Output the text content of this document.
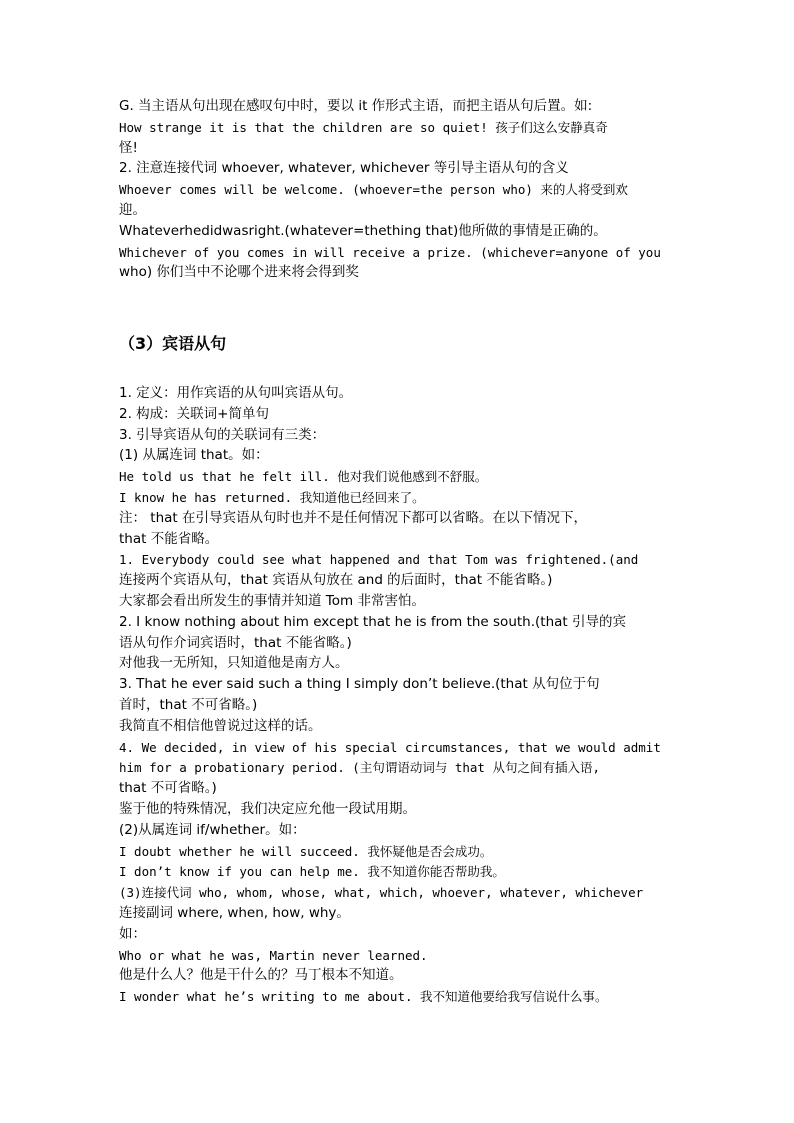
G. 当主语从句出现在感叹句中时，要以 it 作形式主语，而把主语从句后置。如:
How strange it is that the children are so quiet! 孩子们这么安静真奇
怪!
2. 注意连接代词 whoever, whatever, whichever 等引导主语从句的含义
Whoever comes will be welcome. (whoever=the person who) 来的人将受到欢
迎。
Whateverhedidwasright.(whatever=thething that)他所做的事情是正确的。
Whichever of you comes in will receive a prize. (whichever=anyone of you
who) 你们当中不论哪个进来将会得到奖
（3）宾语从句
1. 定义：用作宾语的从句叫宾语从句。
2. 构成：关联词+简单句
3. 引导宾语从句的关联词有三类：
(1) 从属连词 that。如：
He told us that he felt ill. 他对我们说他感到不舒服。
I know he has returned. 我知道他已经回来了。
注： that 在引导宾语从句时也并不是任何情况下都可以省略。在以下情况下，
that 不能省略。
1. Everybody could see what happened and that Tom was frightened.(and
连接两个宾语从句，that 宾语从句放在 and 的后面时，that 不能省略。)
大家都会看出所发生的事情并知道 Tom 非常害怕。
2. I know nothing about him except that he is from the south.(that 引导的宾
语从句作介词宾语时，that 不能省略。)
对他我一无所知，只知道他是南方人。
3. That he ever said such a thing I simply don’t believe.(that 从句位于句
首时，that 不可省略。)
我简直不相信他曾说过这样的话。
4. We decided, in view of his special circumstances, that we would admit
him for a probationary period. (主句谓语动词与 that 从句之间有插入语,
that 不可省略。)
鉴于他的特殊情况，我们决定应允他一段试用期。
(2)从属连词 if/whether。如：
I doubt whether he will succeed. 我怀疑他是否会成功。
I don’t know if you can help me. 我不知道你能否帮助我。
(3)连接代词 who, whom, whose, what, which, whoever, whatever, whichever
连接副词 where, when, how, why。
如：
Who or what he was, Martin never learned.
他是什么人？他是干什么的？马丁根本不知道。
I wonder what he’s writing to me about. 我不知道他要给我写信说什么事。
